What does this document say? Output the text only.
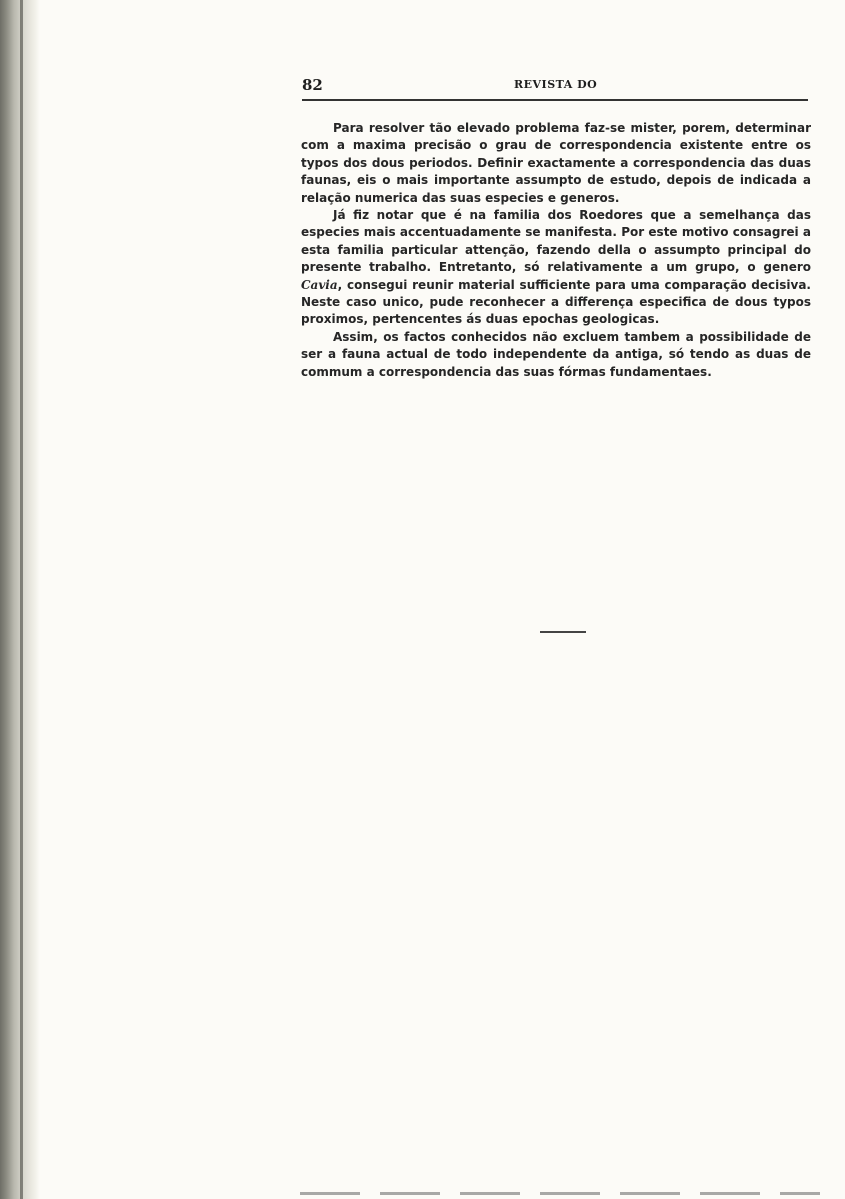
82	REVISTA DO

Para resolver tão elevado problema faz-se mister, porem, determinar com a maxima precisão o grau de correspondencia existente entre os typos dos dous periodos. Definir exactamente a correspondencia das duas faunas, eis o mais importante assumpto de estudo, depois de indicada a relação numerica das suas especies e generos.

Já fiz notar que é na familia dos Roedores que a semelhança das especies mais accentuadamente se manifesta. Por este motivo consagrei a esta familia particular attenção, fazendo della o assumpto principal do presente trabalho. Entretanto, só relativamente a um grupo, o genero Cavia, consegui reunir material sufficiente para uma comparação decisiva. Neste caso unico, pude reconhecer a differença especifica de dous typos proximos, pertencentes ás duas epochas geologicas.

Assim, os factos conhecidos não excluem tambem a possibilidade de ser a fauna actual de todo independente da antiga, só tendo as duas de commum a correspondencia das suas fórmas fundamentaes.
